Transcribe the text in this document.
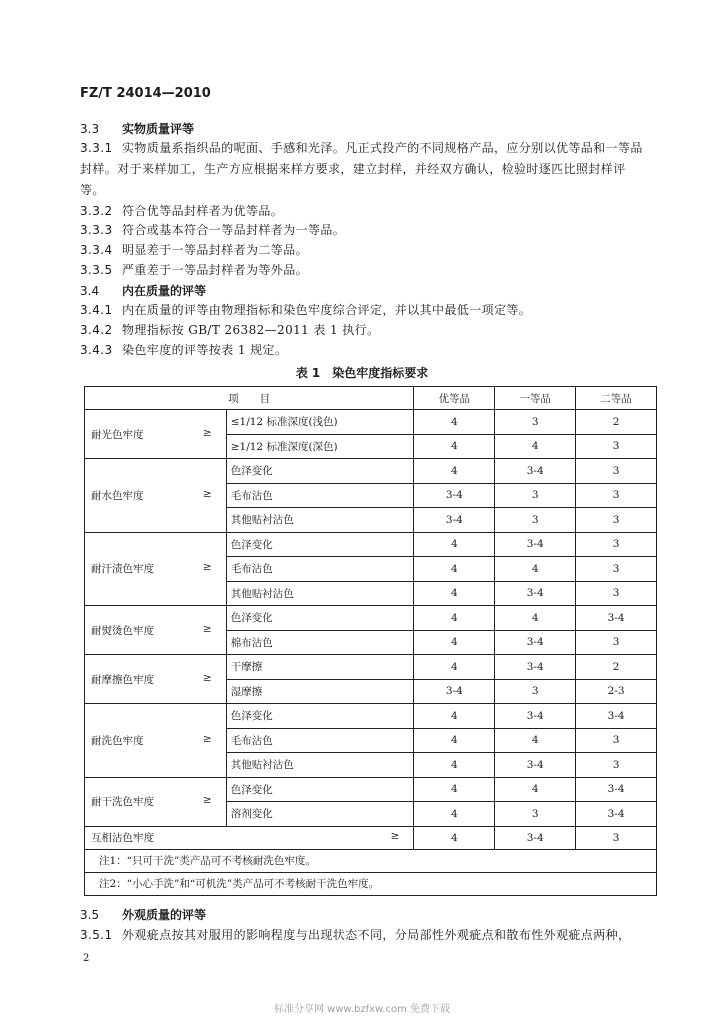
FZ/T 24014—2010
3.3 实物质量评等
3.3.1 实物质量系指织品的呢面、手感和光泽。凡正式投产的不同规格产品，应分别以优等品和一等品封样。对于来样加工，生产方应根据来样方要求，建立封样，并经双方确认，检验时逐匹比照封样评等。
3.3.2 符合优等品封样者为优等品。
3.3.3 符合或基本符合一等品封样者为一等品。
3.3.4 明显差于一等品封样者为二等品。
3.3.5 严重差于一等品封样者为等外品。
3.4 内在质量的评等
3.4.1 内在质量的评等由物理指标和染色牢度综合评定，并以其中最低一项定等。
3.4.2 物理指标按 GB/T 26382—2011 表 1 执行。
3.4.3 染色牢度的评等按表 1 规定。
表 1　染色牢度指标要求
项　　目		优等品	一等品	二等品
耐光色牢度 ≥	≤1/12 标准深度(浅色)	4	3	2
	≥1/12 标准深度(深色)	4	4	3
耐水色牢度 ≥	色泽变化	4	3-4	3
	毛布沾色	3-4	3	3
	其他贴衬沾色	3-4	3	3
耐汗渍色牢度 ≥	色泽变化	4	3-4	3
	毛布沾色	4	4	3
	其他贴衬沾色	4	3-4	3
耐熨烫色牢度 ≥	色泽变化	4	4	3-4
	棉布沾色	4	3-4	3
耐摩擦色牢度 ≥	干摩擦	4	3-4	2
	湿摩擦	3-4	3	2-3
耐洗色牢度 ≥	色泽变化	4	3-4	3-4
	毛布沾色	4	4	3
	其他贴衬沾色	4	3-4	3
耐干洗色牢度 ≥	色泽变化	4	4	3-4
	溶剂变化	4	3	3-4
互相沾色牢度 ≥		4	3-4	3
注1：“只可干洗”类产品可不考核耐洗色牢度。				
注2：“小心手洗”和“可机洗”类产品可不考核耐干洗色牢度。				
3.5 外观质量的评等
3.5.1 外观疵点按其对服用的影响程度与出现状态不同，分局部性外观疵点和散布性外观疵点两种，
2
标准分享网 www.bzfxw.com 免费下载
